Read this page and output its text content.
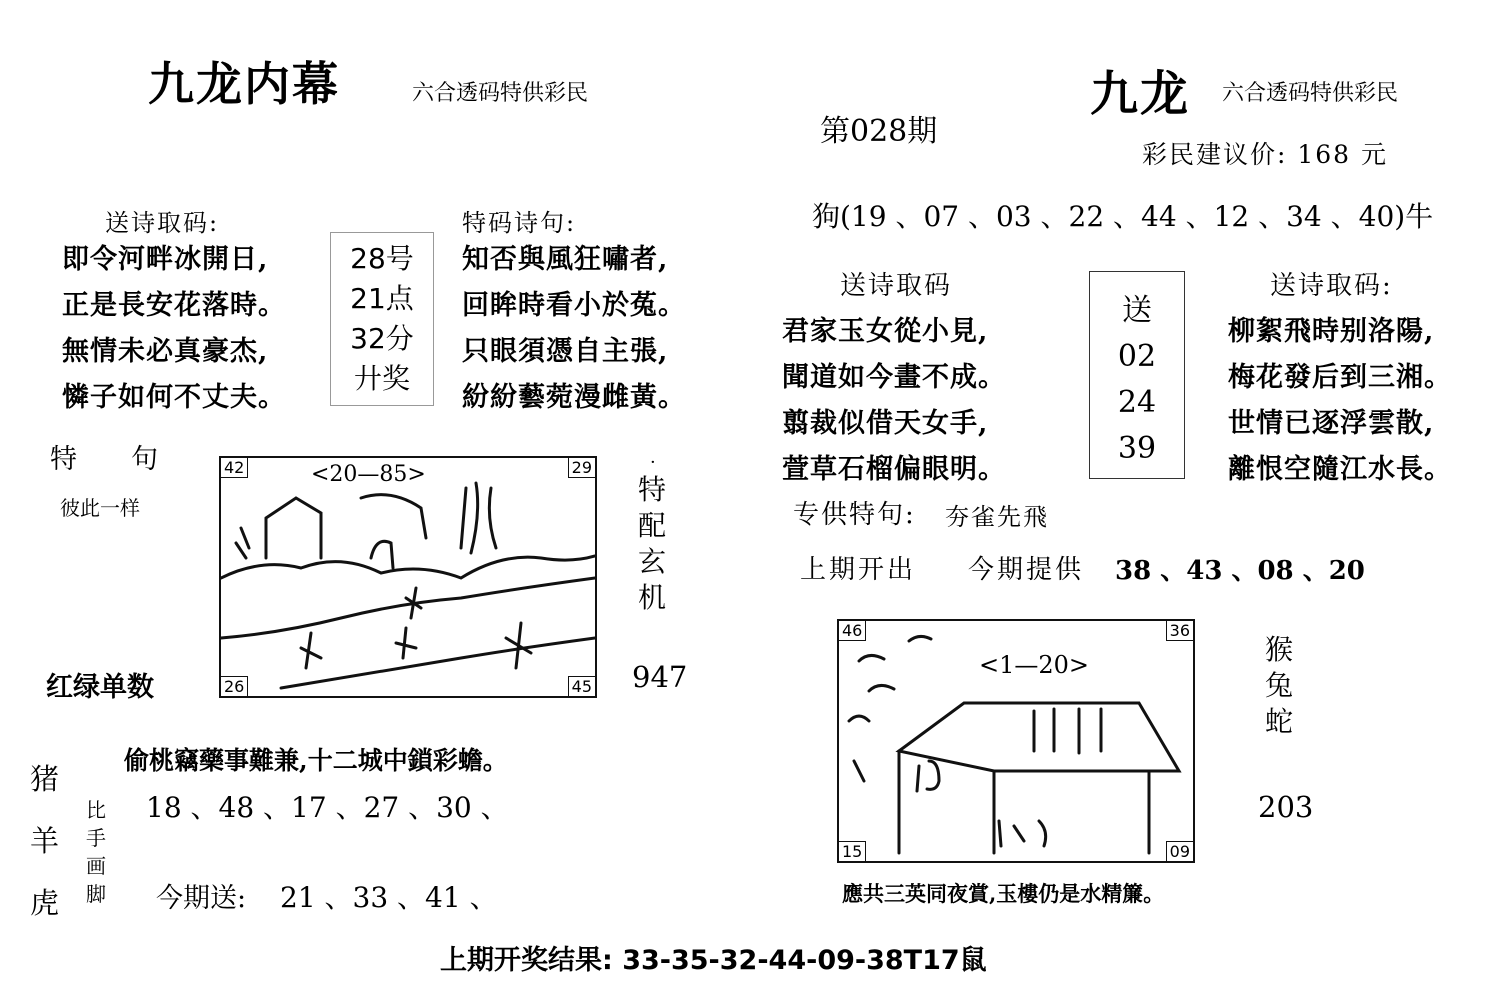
九龙内幕	六合透码特供彩民
送诗取码:
即令河畔冰開日,
正是長安花落時。
無情未必真豪杰,
憐子如何不丈夫。
28号
21点
32分
廾奖
特码诗句:
知否與風狂嘯者,
回眸時看小於菟。
只眼須憑自主張,
紛紛藝菀漫雌黃。
特　　句
彼此一样
<20—85>
42	29
26	45
·
特
配
玄
机
947
红绿单数
偷桃竊藥事難兼,十二城中鎖彩蟾。
猪
羊
虎
比
手
画
脚
18 、48 、17 、27 、30 、
今期送: 21 、33 、41 、
第028期
九龙 六合透码特供彩民
彩民建议价: 168 元
狗(19 、07 、03 、22 、44 、12 、34 、40)牛
送诗取码
君家玉女從小見,
聞道如今畫不成。
翦裁似借天女手,
萱草石榴偏眼明。
送
02
24
39
送诗取码:
柳絮飛時别洛陽,
梅花發后到三湘。
世情已逐浮雲散,
離恨空隨江水長。
专供特句: 夯雀先飛
上期开出 今期提供 38 、43 、08 、20
<1—20>
46	36
15	09
猴
兔
蛇
203
應共三英同夜賞,玉樓仍是水精簾。
上期开奖结果: 33-35-32-44-09-38T17鼠
